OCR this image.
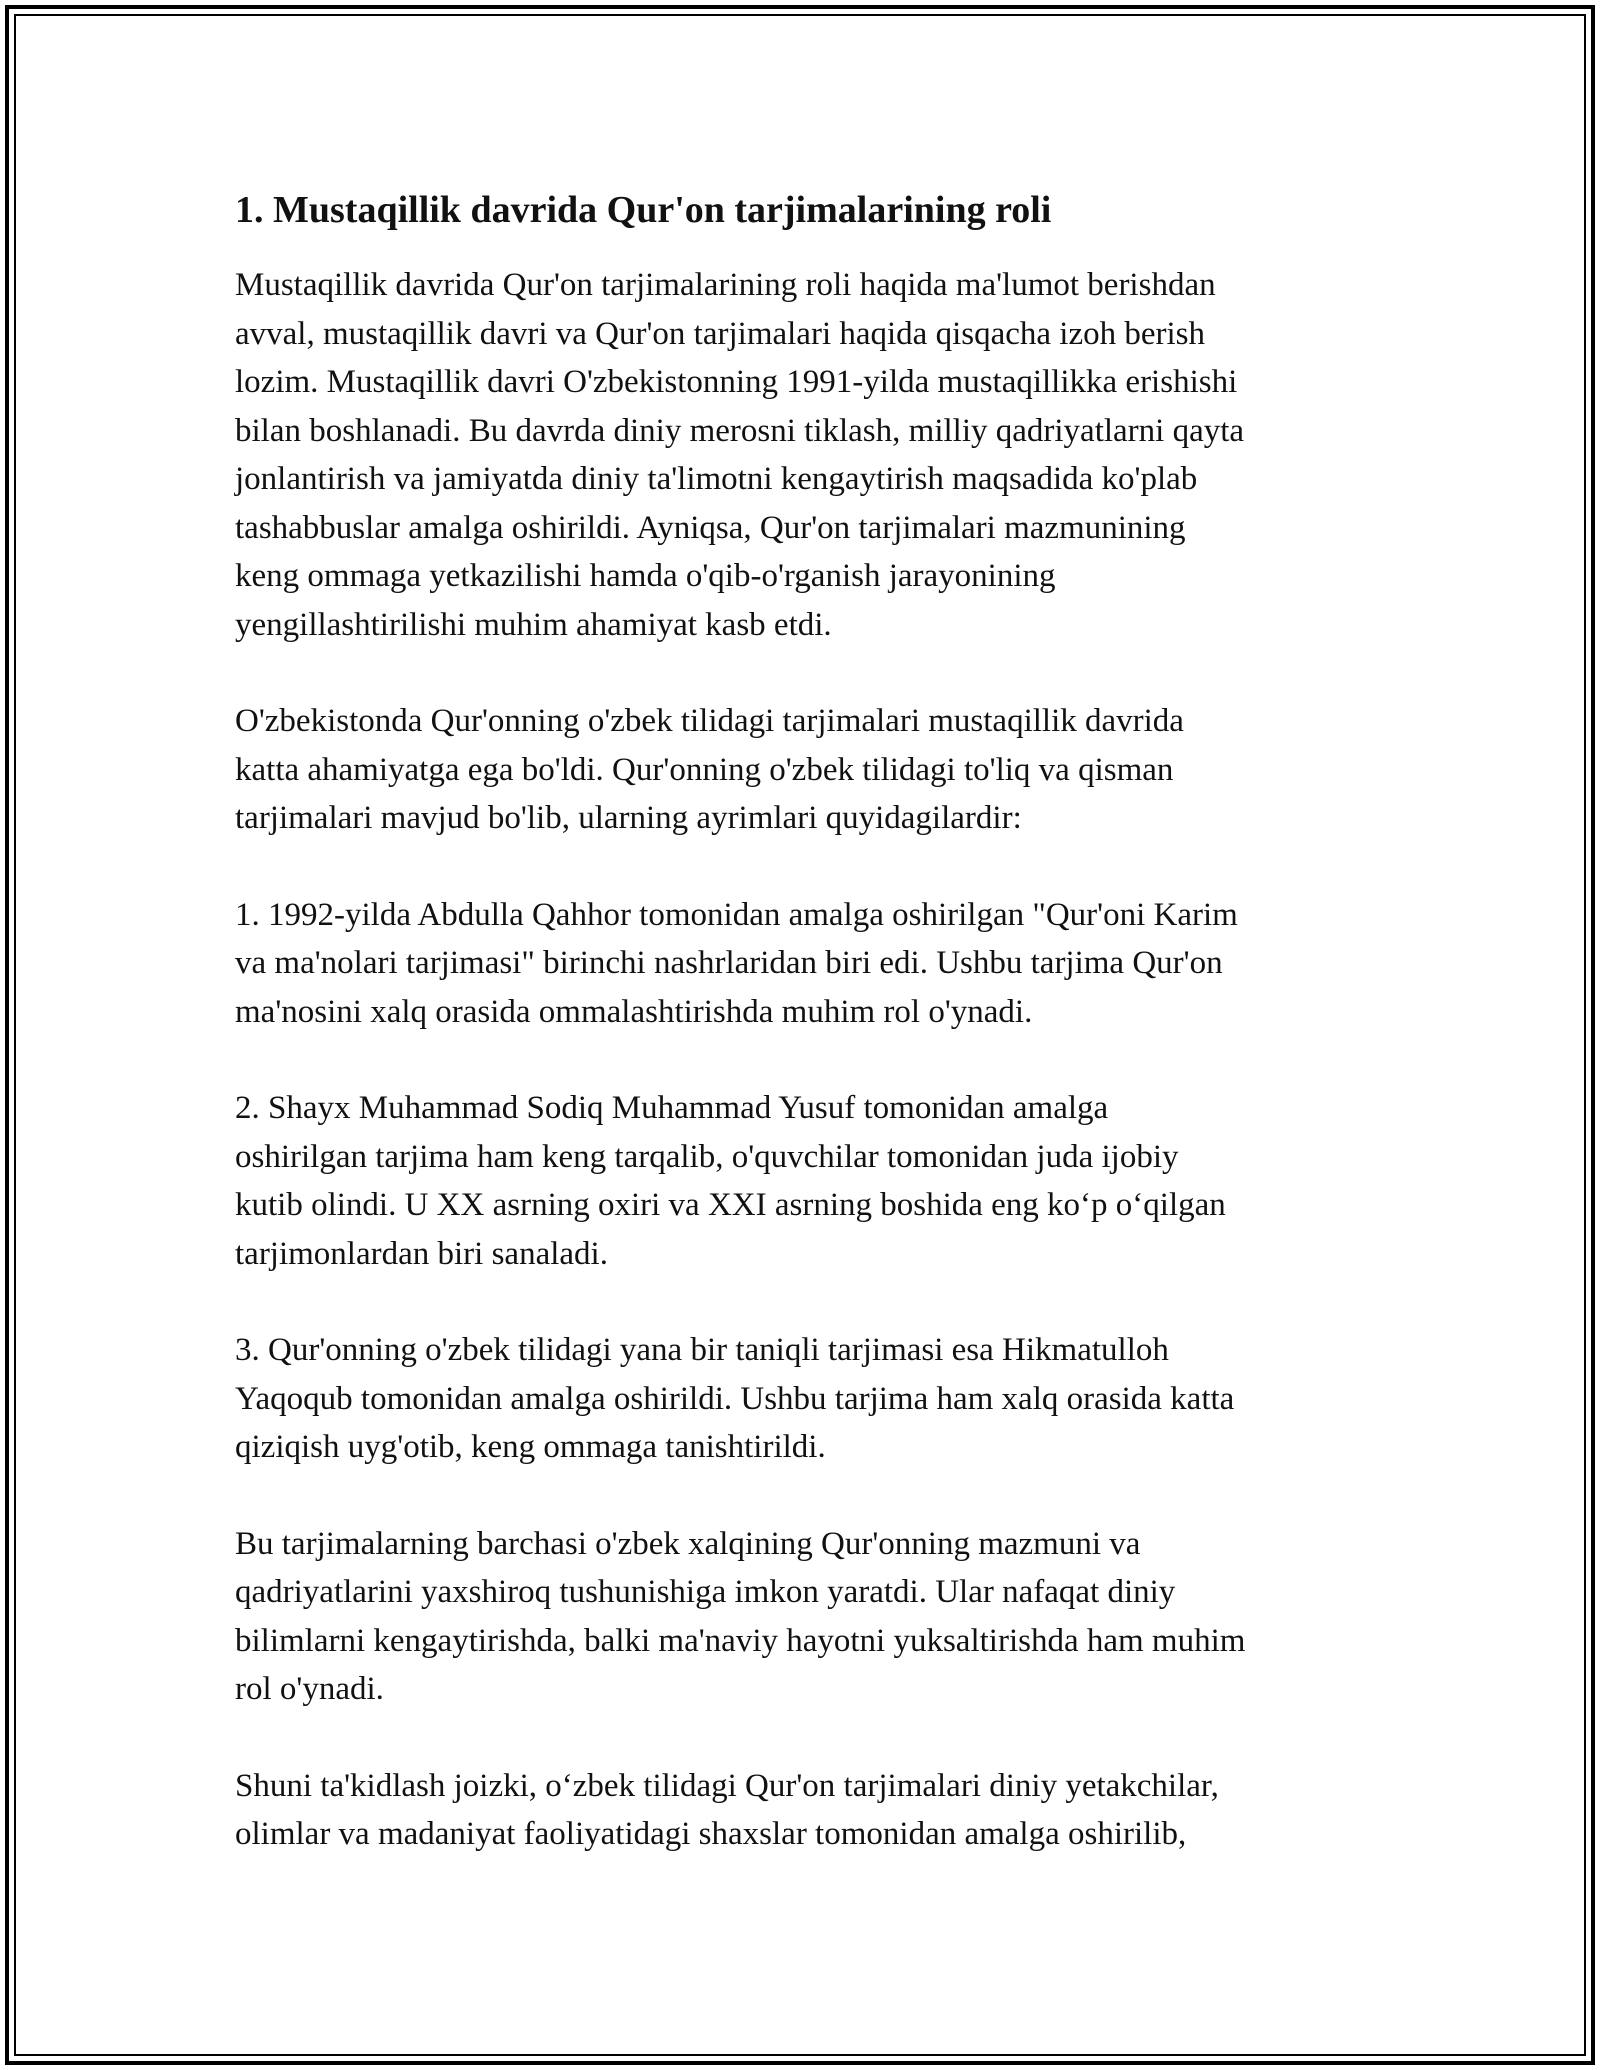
1. Mustaqillik davrida Qur'on tarjimalarining roli

Mustaqillik davrida Qur'on tarjimalarining roli haqida ma'lumot berishdan
avval, mustaqillik davri va Qur'on tarjimalari haqida qisqacha izoh berish
lozim. Mustaqillik davri O'zbekistonning 1991-yilda mustaqillikka erishishi
bilan boshlanadi. Bu davrda diniy merosni tiklash, milliy qadriyatlarni qayta
jonlantirish va jamiyatda diniy ta'limotni kengaytirish maqsadida ko'plab
tashabbuslar amalga oshirildi. Ayniqsa, Qur'on tarjimalari mazmunining
keng ommaga yetkazilishi hamda o'qib-o'rganish jarayonining
yengillashtirilishi muhim ahamiyat kasb etdi.

O'zbekistonda Qur'onning o'zbek tilidagi tarjimalari mustaqillik davrida
katta ahamiyatga ega bo'ldi. Qur'onning o'zbek tilidagi to'liq va qisman
tarjimalari mavjud bo'lib, ularning ayrimlari quyidagilardir:

1. 1992-yilda Abdulla Qahhor tomonidan amalga oshirilgan "Qur'oni Karim
va ma'nolari tarjimasi" birinchi nashrlaridan biri edi. Ushbu tarjima Qur'on
ma'nosini xalq orasida ommalashtirishda muhim rol o'ynadi.

2. Shayx Muhammad Sodiq Muhammad Yusuf tomonidan amalga
oshirilgan tarjima ham keng tarqalib, o'quvchilar tomonidan juda ijobiy
kutib olindi. U XX asrning oxiri va XXI asrning boshida eng ko‘p o‘qilgan
tarjimonlardan biri sanaladi.

3. Qur'onning o'zbek tilidagi yana bir taniqli tarjimasi esa Hikmatulloh
Yaqoqub tomonidan amalga oshirildi. Ushbu tarjima ham xalq orasida katta
qiziqish uyg'otib, keng ommaga tanishtirildi.

Bu tarjimalarning barchasi o'zbek xalqining Qur'onning mazmuni va
qadriyatlarini yaxshiroq tushunishiga imkon yaratdi. Ular nafaqat diniy
bilimlarni kengaytirishda, balki ma'naviy hayotni yuksaltirishda ham muhim
rol o'ynadi.

Shuni ta'kidlash joizki, o‘zbek tilidagi Qur'on tarjimalari diniy yetakchilar,
olimlar va madaniyat faoliyatidagi shaxslar tomonidan amalga oshirilib,
